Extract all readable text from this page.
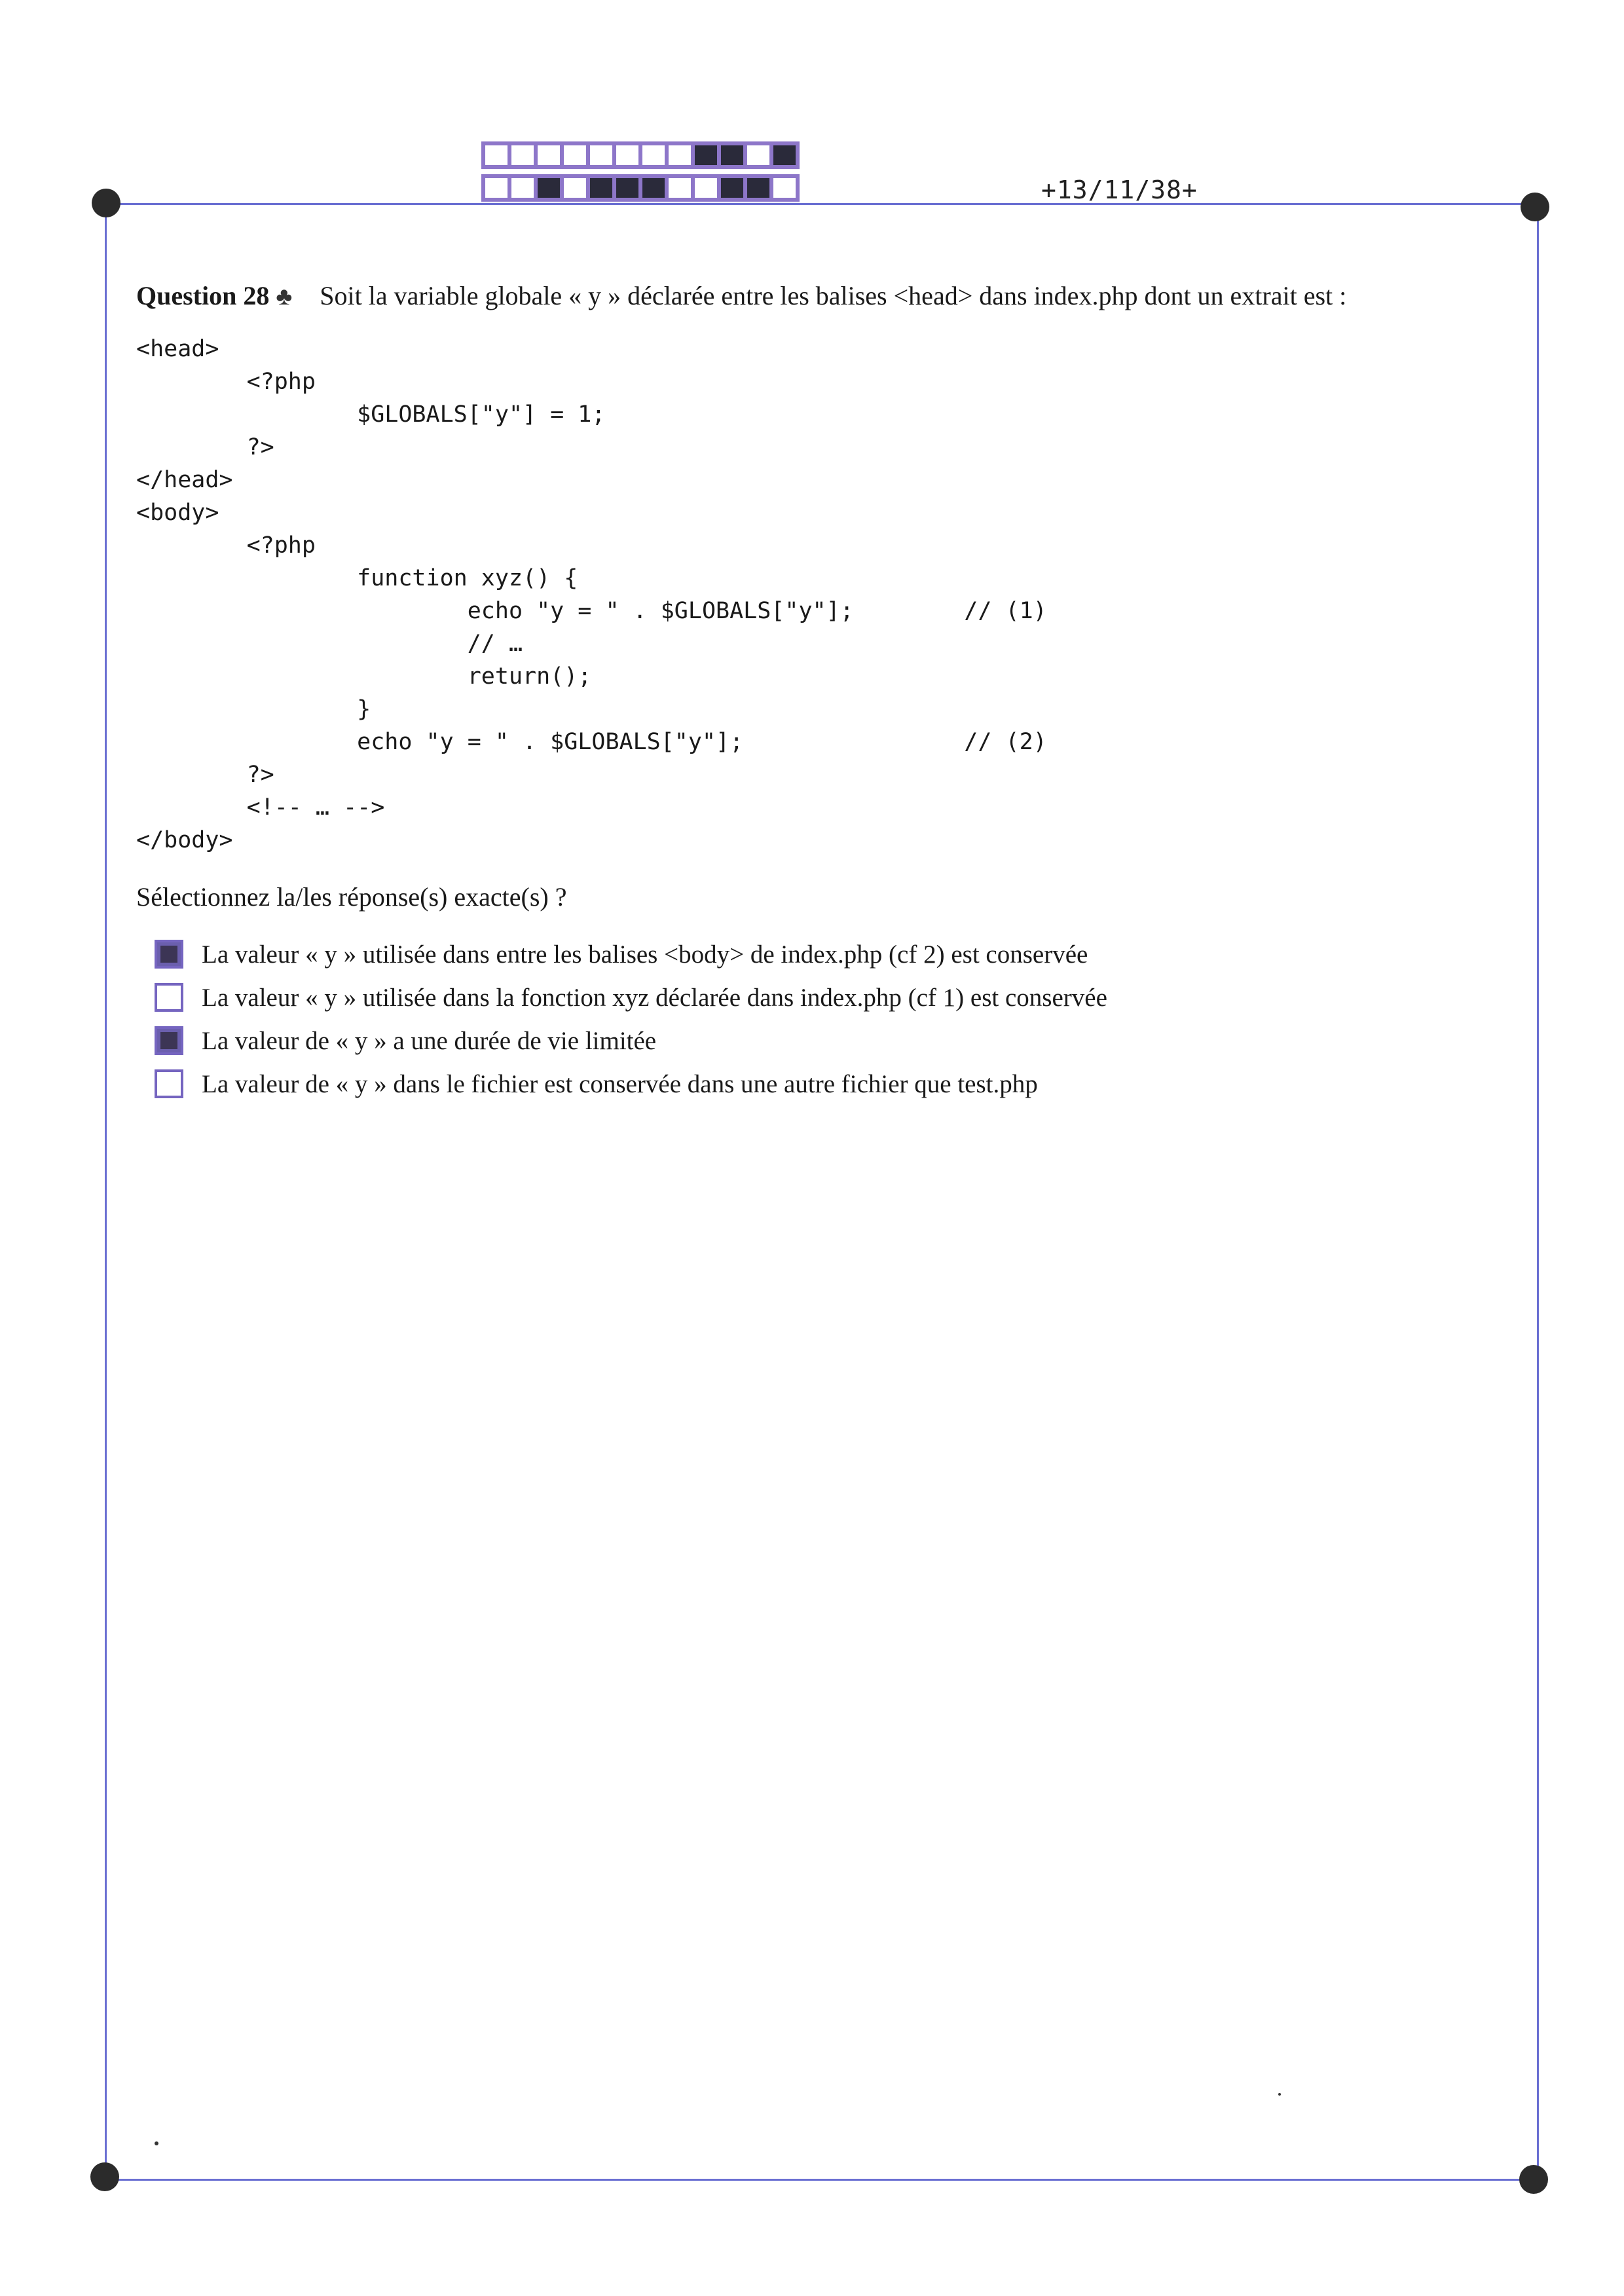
+13/11/38+
Question 28 ♣ Soit la variable globale « y » déclarée entre les balises <head> dans index.php dont un extrait est :
<head>
<?php
$GLOBALS["y"] = 1;
?>
</head>
<body>
<?php
function xyz() {
echo "y = " . $GLOBALS["y"];        // (1)
// …
return();
}
echo "y = " . $GLOBALS["y"];                // (2)
?>
<!-- … -->
</body>
Sélectionnez la/les réponse(s) exacte(s) ?
La valeur « y » utilisée dans entre les balises <body> de index.php (cf 2) est conservée
La valeur « y » utilisée dans la fonction xyz déclarée dans index.php (cf 1) est conservée
La valeur de « y » a une durée de vie limitée
La valeur de « y » dans le fichier est conservée dans une autre fichier que test.php
